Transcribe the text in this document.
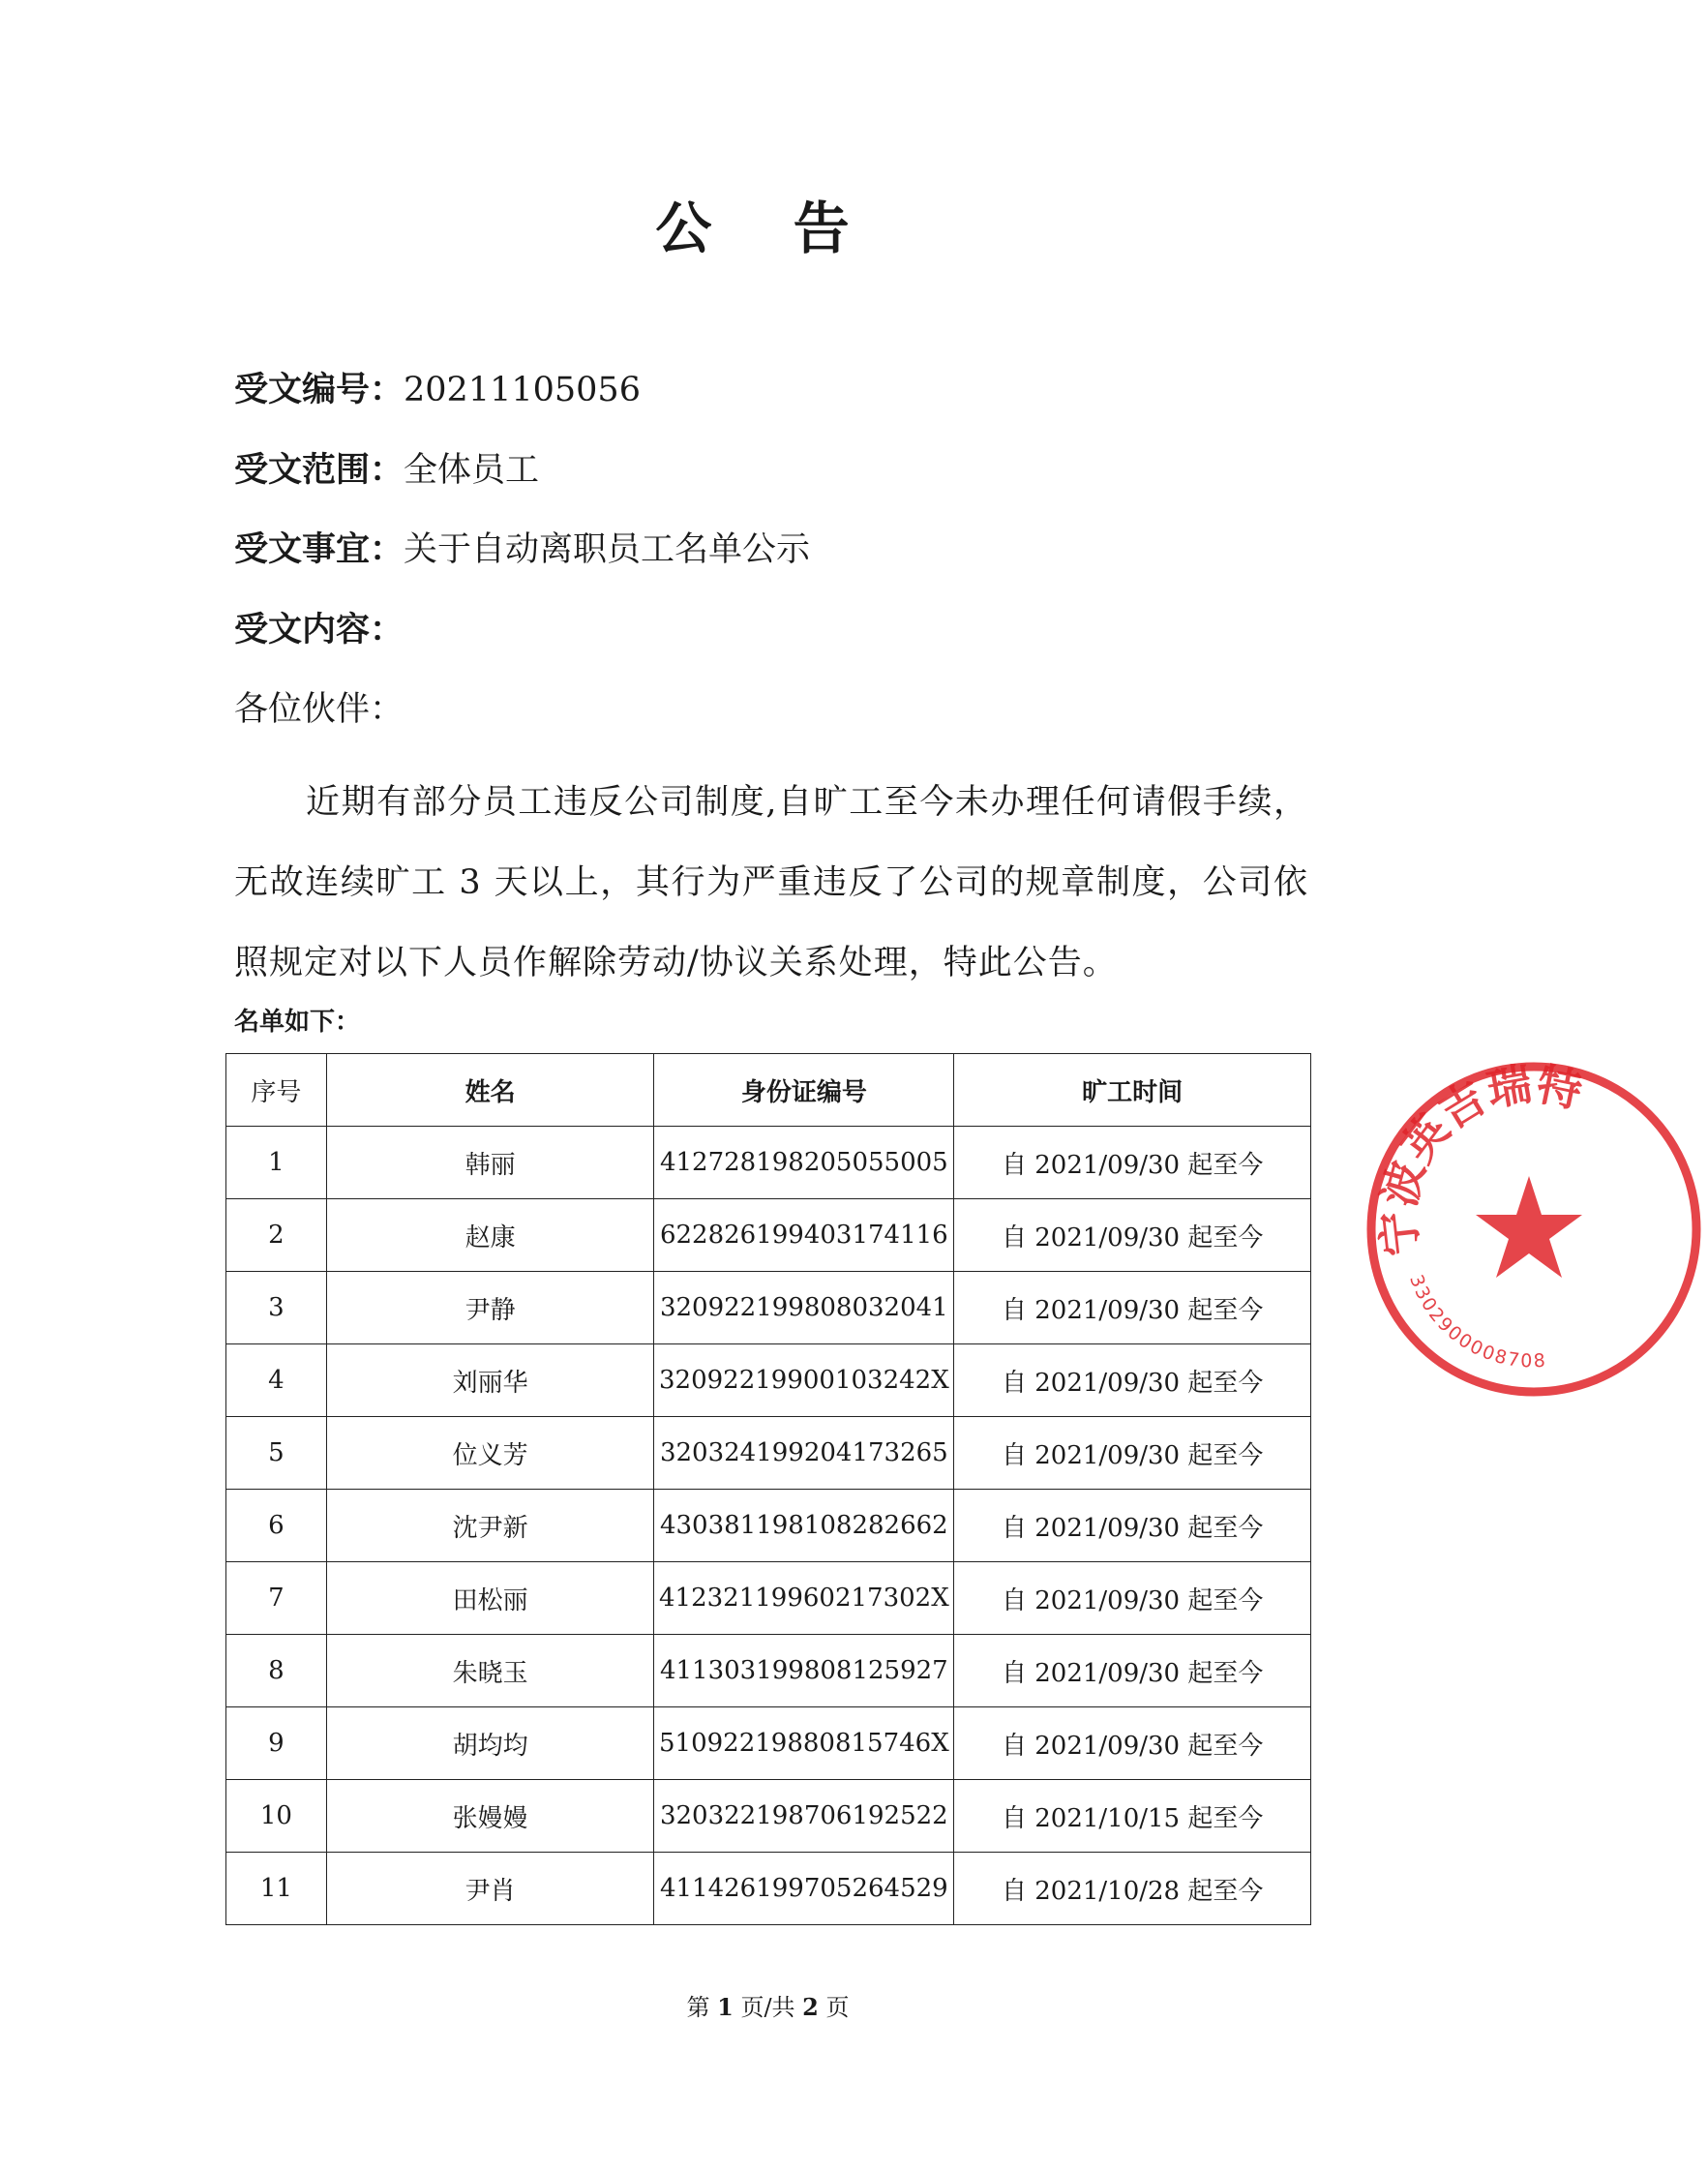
公 告
受文编号：20211105056
受文范围：全体员工
受文事宜：关于自动离职员工名单公示
受文内容：
各位伙伴：
近期有部分员工违反公司制度,自旷工至今未办理任何请假手续，无故连续旷工 3 天以上，其行为严重违反了公司的规章制度，公司依照规定对以下人员作解除劳动/协议关系处理，特此公告。
名单如下：
序号	姓名	身份证编号	旷工时间
1	韩丽	412728198205055005	自 2021/09/30 起至今
2	赵康	622826199403174116	自 2021/09/30 起至今
3	尹静	320922199808032041	自 2021/09/30 起至今
4	刘丽华	32092219900103242X	自 2021/09/30 起至今
5	位义芳	320324199204173265	自 2021/09/30 起至今
6	沈尹新	430381198108282662	自 2021/09/30 起至今
7	田松丽	41232119960217302X	自 2021/09/30 起至今
8	朱晓玉	411303199808125927	自 2021/09/30 起至今
9	胡均均	51092219880815746X	自 2021/09/30 起至今
10	张嫚嫚	320322198706192522	自 2021/10/15 起至今
11	尹肖	411426199705264529	自 2021/10/28 起至今
第 1 页/共 2 页
宁波英吉瑞特
3302900008708
